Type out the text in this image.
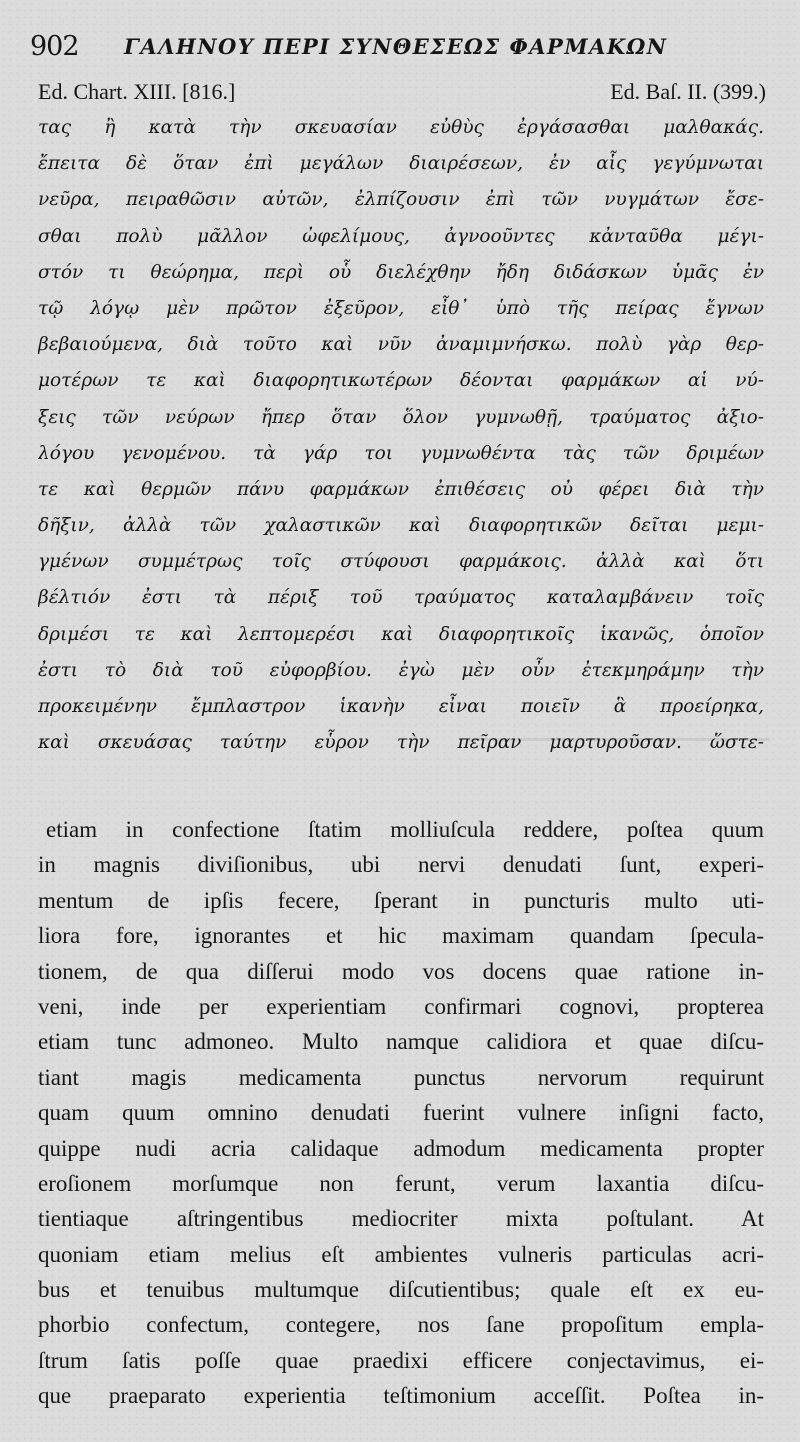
902 ΓΑΛΗΝΟΥ ΠΕΡΙ ΣΥΝΘΕΣΕΩΣ ΦΑΡΜΑΚΩΝ
Ed. Chart. XIII. [816.]	Ed. Baſ. II. (399.)
τας ἢ κατὰ τὴν σκευασίαν εὐθὺς ἐργάσασθαι μαλθακάς.
ἔπειτα δὲ ὅταν ἐπὶ μεγάλων διαιρέσεων, ἐν αἷς γεγύμνωται
νεῦρα, πειραθῶσιν αὐτῶν, ἐλπίζουσιν ἐπὶ τῶν νυγμάτων ἔσε-
σθαι πολὺ μᾶλλον ὠφελίμους, ἀγνοοῦντες κἀνταῦθα μέγι-
στόν τι θεώρημα, περὶ οὗ διελέχθην ἤδη διδάσκων ὑμᾶς ἐν
τῷ λόγῳ μὲν πρῶτον ἐξεῦρον, εἶθ᾽ ὑπὸ τῆς πείρας ἔγνων
βεβαιούμενα, διὰ τοῦτο καὶ νῦν ἀναμιμνήσκω. πολὺ γὰρ θερ-
μοτέρων τε καὶ διαφορητικωτέρων δέονται φαρμάκων αἱ νύ-
ξεις τῶν νεύρων ἤπερ ὅταν ὅλον γυμνωθῇ, τραύματος ἀξιο-
λόγου γενομένου. τὰ γάρ τοι γυμνωθέντα τὰς τῶν δριμέων
τε καὶ θερμῶν πάνυ φαρμάκων ἐπιθέσεις οὐ φέρει διὰ τὴν
δῆξιν, ἀλλὰ τῶν χαλαστικῶν καὶ διαφορητικῶν δεῖται μεμι-
γμένων συμμέτρως τοῖς στύφουσι φαρμάκοις. ἀλλὰ καὶ ὅτι
βέλτιόν ἐστι τὰ πέριξ τοῦ τραύματος καταλαμβάνειν τοῖς
δριμέσι τε καὶ λεπτομερέσι καὶ διαφορητικοῖς ἱκανῶς, ὁποῖον
ἐστι τὸ διὰ τοῦ εὐφορβίου. ἐγὼ μὲν οὖν ἐτεκμηράμην τὴν
προκειμένην ἔμπλαστρον ἱκανὴν εἶναι ποιεῖν ἃ προείρηκα,
καὶ σκευάσας ταύτην εὗρον τὴν πεῖραν μαρτυροῦσαν. ὥστε-
etiam in confectione ſtatim molliuſcula reddere, poſtea quum
in magnis diviſionibus, ubi nervi denudati ſunt, experi-
mentum de ipſis fecere, ſperant in puncturis multo uti-
liora fore, ignorantes et hic maximam quandam ſpecula-
tionem, de qua diſſerui modo vos docens quae ratione in-
veni, inde per experientiam confirmari cognovi, propterea
etiam tunc admoneo. Multo namque calidiora et quae diſcu-
tiant magis medicamenta punctus nervorum requirunt
quam quum omnino denudati fuerint vulnere inſigni facto,
quippe nudi acria calidaque admodum medicamenta propter
eroſionem morſumque non ferunt, verum laxantia diſcu-
tientiaque aſtringentibus mediocriter mixta poſtulant. At
quoniam etiam melius eſt ambientes vulneris particulas acri-
bus et tenuibus multumque diſcutientibus; quale eſt ex eu-
phorbio confectum, contegere, nos ſane propoſitum empla-
ſtrum ſatis poſſe quae praedixi efficere conjectavimus, ei-
que praeparato experientia teſtimonium acceſſit. Poſtea in-
